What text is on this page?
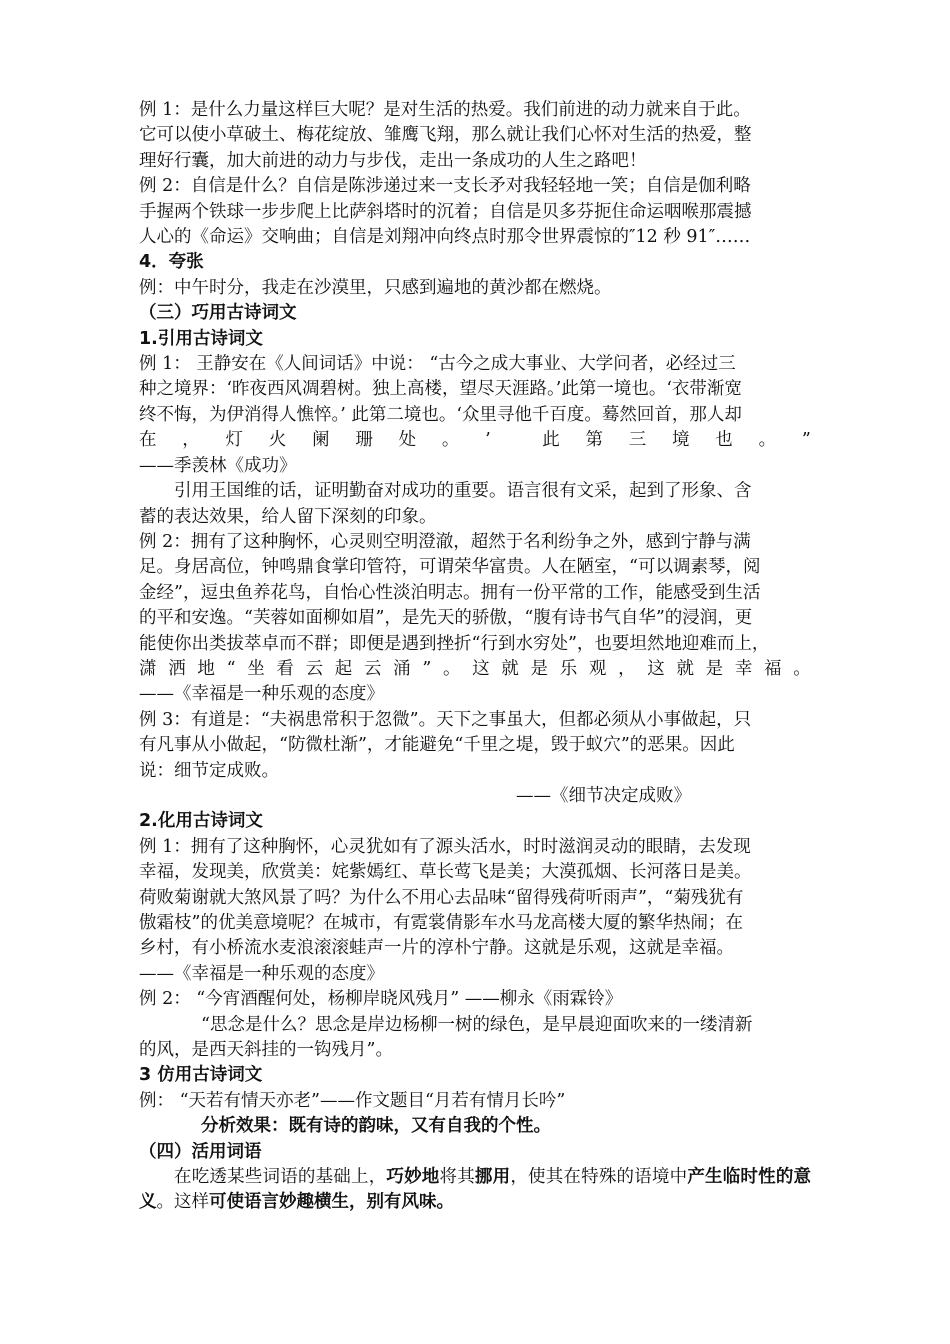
例 1：是什么力量这样巨大呢？是对生活的热爱。我们前进的动力就来自于此。

它可以使小草破土、梅花绽放、雏鹰飞翔，那么就让我们心怀对生活的热爱，整

理好行囊，加大前进的动力与步伐，走出一条成功的人生之路吧！

例 2：自信是什么？自信是陈涉递过来一支长矛对我轻轻地一笑；自信是伽利略

手握两个铁球一步步爬上比萨斜塔时的沉着；自信是贝多芬扼住命运咽喉那震撼

人心的《命运》交响曲；自信是刘翔冲向终点时那令世界震惊的″12 秒 91″……

4．夸张

例：中午时分，我走在沙漠里，只感到遍地的黄沙都在燃烧。

（三）巧用古诗词文

1.引用古诗词文

例 1： 王静安在《人间词话》中说： “古今之成大事业、大学问者，必经过三

种之境界：‘昨夜西风凋碧树。独上高楼，望尽天涯路。’此第一境也。‘衣带渐宽

终不悔，为伊消得人憔悴。’ 此第二境也。‘众里寻他千百度。蓦然回首，那人却

在 ， 灯 火 阑 珊 处 。 ’	此 第 三 境 也 。 ”

——季羡林《成功》

引用王国维的话，证明勤奋对成功的重要。语言很有文采，起到了形象、含

蓄的表达效果，给人留下深刻的印象。

例 2：拥有了这种胸怀，心灵则空明澄澈，超然于名利纷争之外，感到宁静与满

足。身居高位，钟鸣鼎食掌印管符，可谓荣华富贵。人在陋室，“可以调素琴，阅

金经”，逗虫鱼养花鸟，自怡心性淡泊明志。拥有一份平常的工作，能感受到生活

的平和安逸。“芙蓉如面柳如眉”，是先天的骄傲，“腹有诗书气自华”的浸润，更

能使你出类拔萃卓而不群；即便是遇到挫折“行到水穷处”，也要坦然地迎难而上，

潇 洒 地 “ 坐 看 云 起 云 涌 ” 。 这 就 是 乐 观 ， 这 就 是 幸 福 。

——《幸福是一种乐观的态度》

例 3：有道是：“夫祸患常积于忽微”。天下之事虽大，但都必须从小事做起，只

有凡事从小做起，“防微杜渐”，才能避免“千里之堤，毁于蚁穴”的恶果。因此

说：细节定成败。

——《细节决定成败》

2.化用古诗词文

例 1：拥有了这种胸怀，心灵犹如有了源头活水，时时滋润灵动的眼睛，去发现

幸福，发现美，欣赏美：姹紫嫣红、草长莺飞是美；大漠孤烟、长河落日是美。

荷败菊谢就大煞风景了吗？为什么不用心去品味“留得残荷听雨声”，“菊残犹有

傲霜枝”的优美意境呢？在城市，有霓裳倩影车水马龙高楼大厦的繁华热闹；在

乡村，有小桥流水麦浪滚滚蛙声一片的淳朴宁静。这就是乐观，这就是幸福。

——《幸福是一种乐观的态度》

例 2： “今宵酒醒何处，杨柳岸晓风残月” ——柳永《雨霖铃》

“思念是什么？思念是岸边杨柳一树的绿色，是早晨迎面吹来的一缕清新

的风，是西天斜挂的一钩残月”。

3 仿用古诗词文

例： “天若有情天亦老”——作文题目“月若有情月长吟”

分析效果：既有诗的韵味，又有自我的个性。

（四）活用词语

在吃透某些词语的基础上，巧妙地将其挪用，使其在特殊的语境中产生临时性的意义。这样可使语言妙趣横生，别有风味。
